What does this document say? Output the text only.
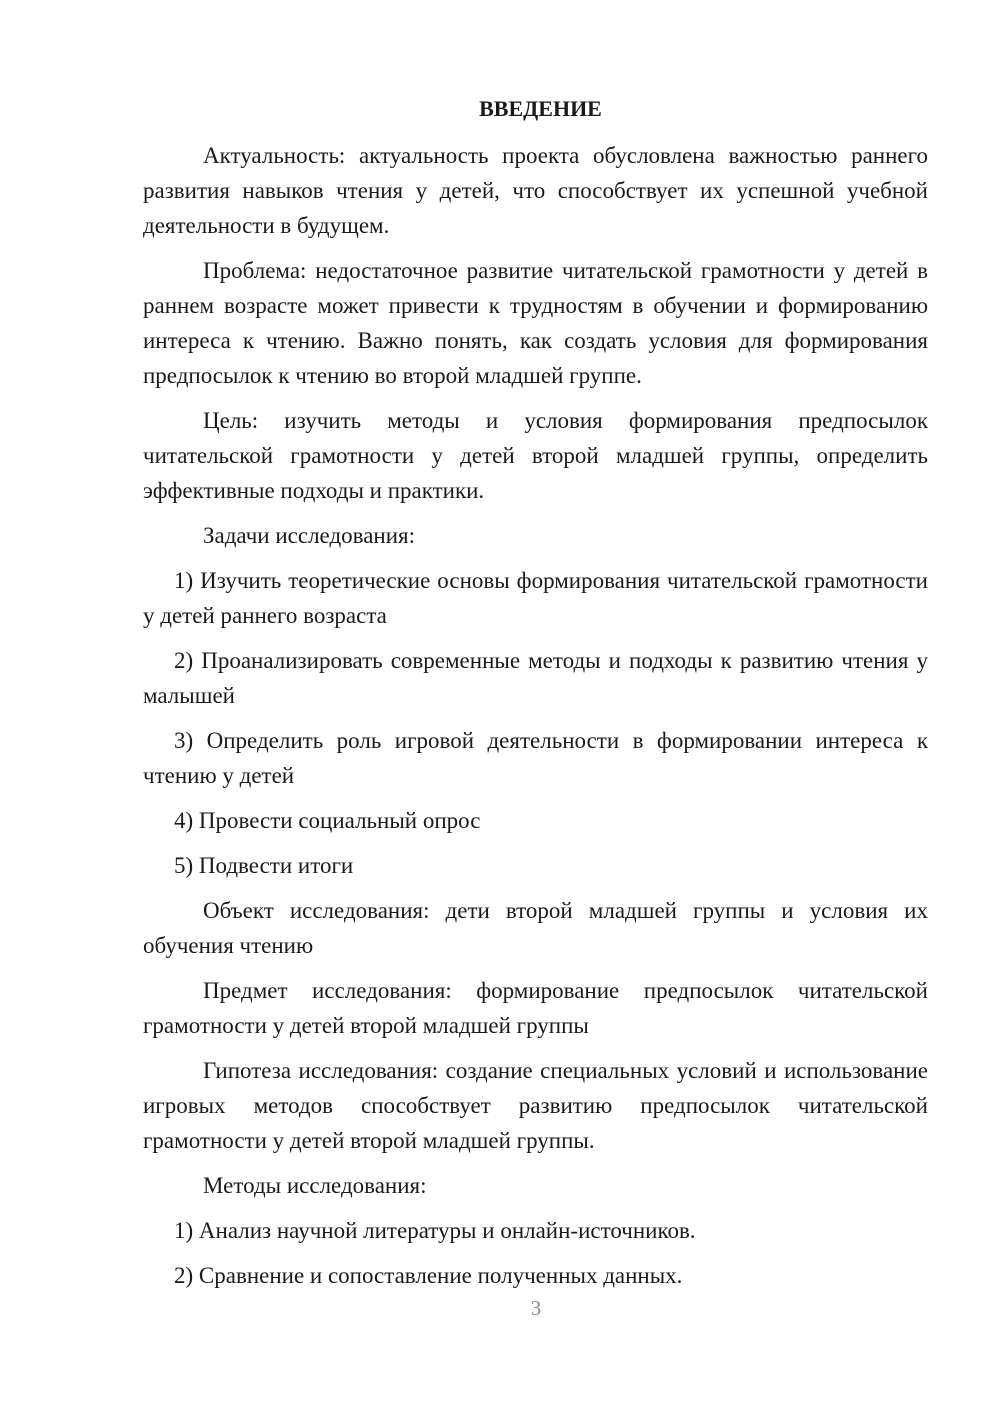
ВВЕДЕНИЕ

Актуальность: актуальность проекта обусловлена важностью раннего развития навыков чтения у детей, что способствует их успешной учебной деятельности в будущем.

Проблема: недостаточное развитие читательской грамотности у детей в раннем возрасте может привести к трудностям в обучении и формированию интереса к чтению. Важно понять, как создать условия для формирования предпосылок к чтению во второй младшей группе.

Цель: изучить методы и условия формирования предпосылок читательской грамотности у детей второй младшей группы, определить эффективные подходы и практики.

Задачи исследования:

1) Изучить теоретические основы формирования читательской грамотности у детей раннего возраста

2) Проанализировать современные методы и подходы к развитию чтения у малышей

3) Определить роль игровой деятельности в формировании интереса к чтению у детей

4) Провести социальный опрос

5) Подвести итоги

Объект исследования: дети второй младшей группы и условия их обучения чтению

Предмет исследования: формирование предпосылок читательской грамотности у детей второй младшей группы

Гипотеза исследования: создание специальных условий и использование игровых методов способствует развитию предпосылок читательской грамотности у детей второй младшей группы.

Методы исследования:

1) Анализ научной литературы и онлайн-источников.

2) Сравнение и сопоставление полученных данных.

3
